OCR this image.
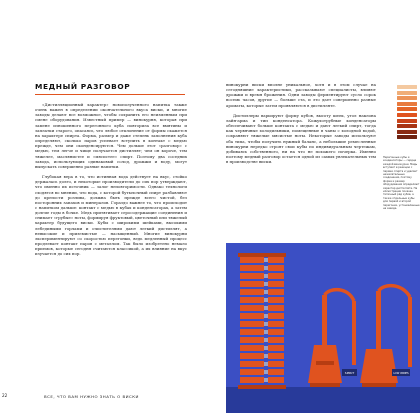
МЕДНЫЙ РАЗГОВОР

«Дистилляционный характер» новополученного напитка также очень важен в определении окончательного вкуса виски, и многие заводы делают все возможное, чтобы сохранить его неизменным при смене оборудования. Известный пример — винокурня, которая при замене изношенного перегонного куба повторила все вмятины и заплатки старого, опасаясь, что любое отклонение от формы скажется на характере спирта. Форма, размер и даже степень заполнения куба определяют, сколько паров успевает вступить в контакт с медью прежде, чем они сконденсируются. Чем дольше этот «разговор» с медью, тем легче и чище получается дистиллят; чем он короче, тем тяжелее, маслянистее и «мясистее» спирт. Поэтому два соседних завода, использующих одинаковый солод, дрожжи и воду, могут выпускать совершенно разные напитки.

Глубокая вера в то, что истинная вода действует на вкус, стойко держалась долго, и некоторые производители до сих пор утверждают, что именно их источник — залог неповторимости. Однако технологи сходятся во мнении, что вода, с которой бутылочный спирт разбавляют до крепости розлива, должна быть прежде всего чистой, без посторонних запахов и минералов. Гораздо важнее то, что происходит с напитком дальше: контакт с медью в кубах и конденсаторах, а затем долгие годы в бочке. Медь притягивает серосодержащие соединения и снимает «грубые» ноты, формируя фруктовый, цветочный или тяжелый характер будущего виски. Кубы с широкими шейками, высокими лебедиными горлами и очистителями дают легкий дистиллят, а невысокие и приземистые — насыщенный. Многие винокурни экспериментируют со скоростью перегонки, ведь медленный процесс продлевает контакт паров с металлом. Так было изобретено немало приемов, которые сегодня считаются классикой, а их влияние на вкус изучается до сих пор.

винокурни виски вполне уникальное, хотя и в этом случае на сегодняшние характеристики, рассказывают специалисты, влияют дрожжи и время брожения. Одни заводы ферментируют сусло сорок восемь часов, другие — больше ста, и это дает совершенно разные ароматы, которые затем проявляются в дистилляте.

Дистиллеры варьируют форму кубов, высоту шеек, угол наклона лайн-арма и тип конденсатора. Кожухотрубные конденсаторы обеспечивают больше контакта с медью и дают легкий спирт, тогда как червячные холодильники, помещенные в чаны с холодной водой, сохраняют тяжелые мясистые ноты. Некоторые заводы используют оба типа, чтобы получить нужный баланс, а небольшие ремесленные винокурни нередко строят свои кубы по индивидуальным чертежам, добиваясь собственного, ни на что не похожего почерка. Именно поэтому медный разговор остается одной из самых увлекательных тем в производстве виски.

Перегонные кубы и конденсаторы — сердце каждой винокурни. Медь вступает в реакцию с парами спирта и удаляет нежелательные соединения, поэтому форма и размер оборудования определяют характер дистиллята. На иллюстрации показан типичный ряд кубов, а также отдельные кубы для первой и второй перегонки, установленные на заводе.
SPIRIT	LOW WINES
22	ВСЕ, ЧТО ВАМ НУЖНО ЗНАТЬ О ВИСКИ
